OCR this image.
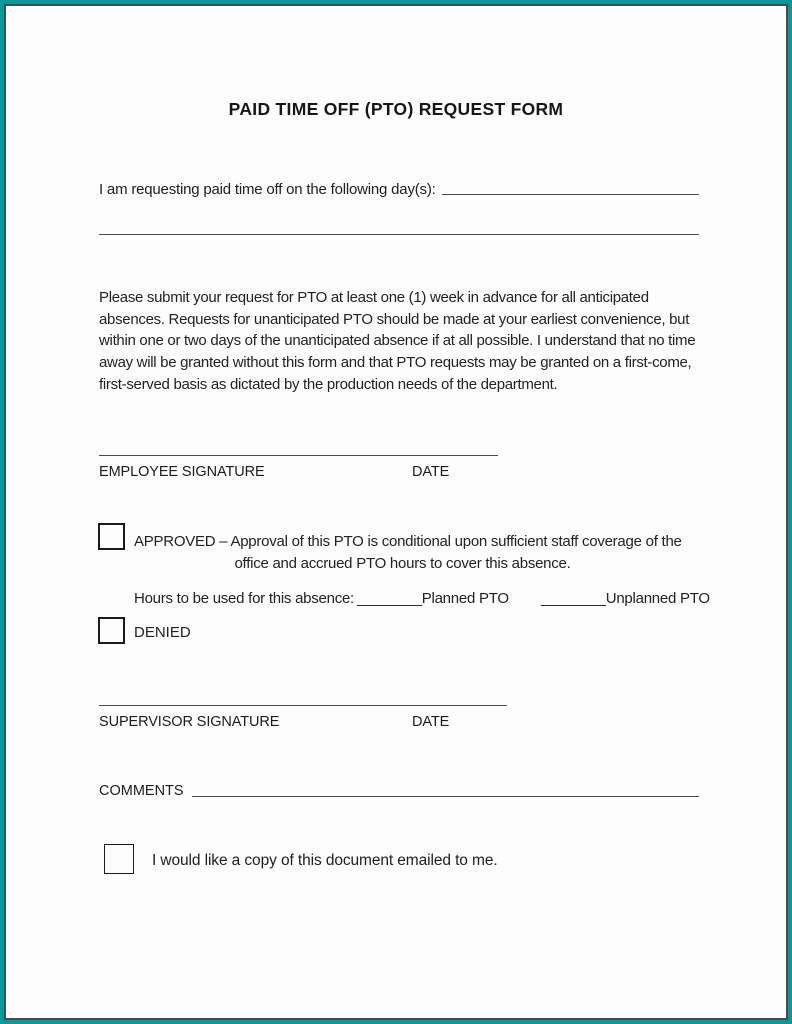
PAID TIME OFF (PTO) REQUEST FORM
I am requesting paid time off on the following day(s):
Please submit your request for PTO at least one (1) week in advance for all anticipated absences. Requests for unanticipated PTO should be made at your earliest convenience, but within one or two days of the unanticipated absence if at all possible. I understand that no time away will be granted without this form and that PTO requests may be granted on a first-come, first-served basis as dictated by the production needs of the department.
EMPLOYEE SIGNATURE	DATE
APPROVED – Approval of this PTO is conditional upon sufficient staff coverage of the
office and accrued PTO hours to cover this absence.
Hours to be used for this absence: ________Planned PTO ________Unplanned PTO
DENIED
SUPERVISOR SIGNATURE	DATE
COMMENTS
I would like a copy of this document emailed to me.
